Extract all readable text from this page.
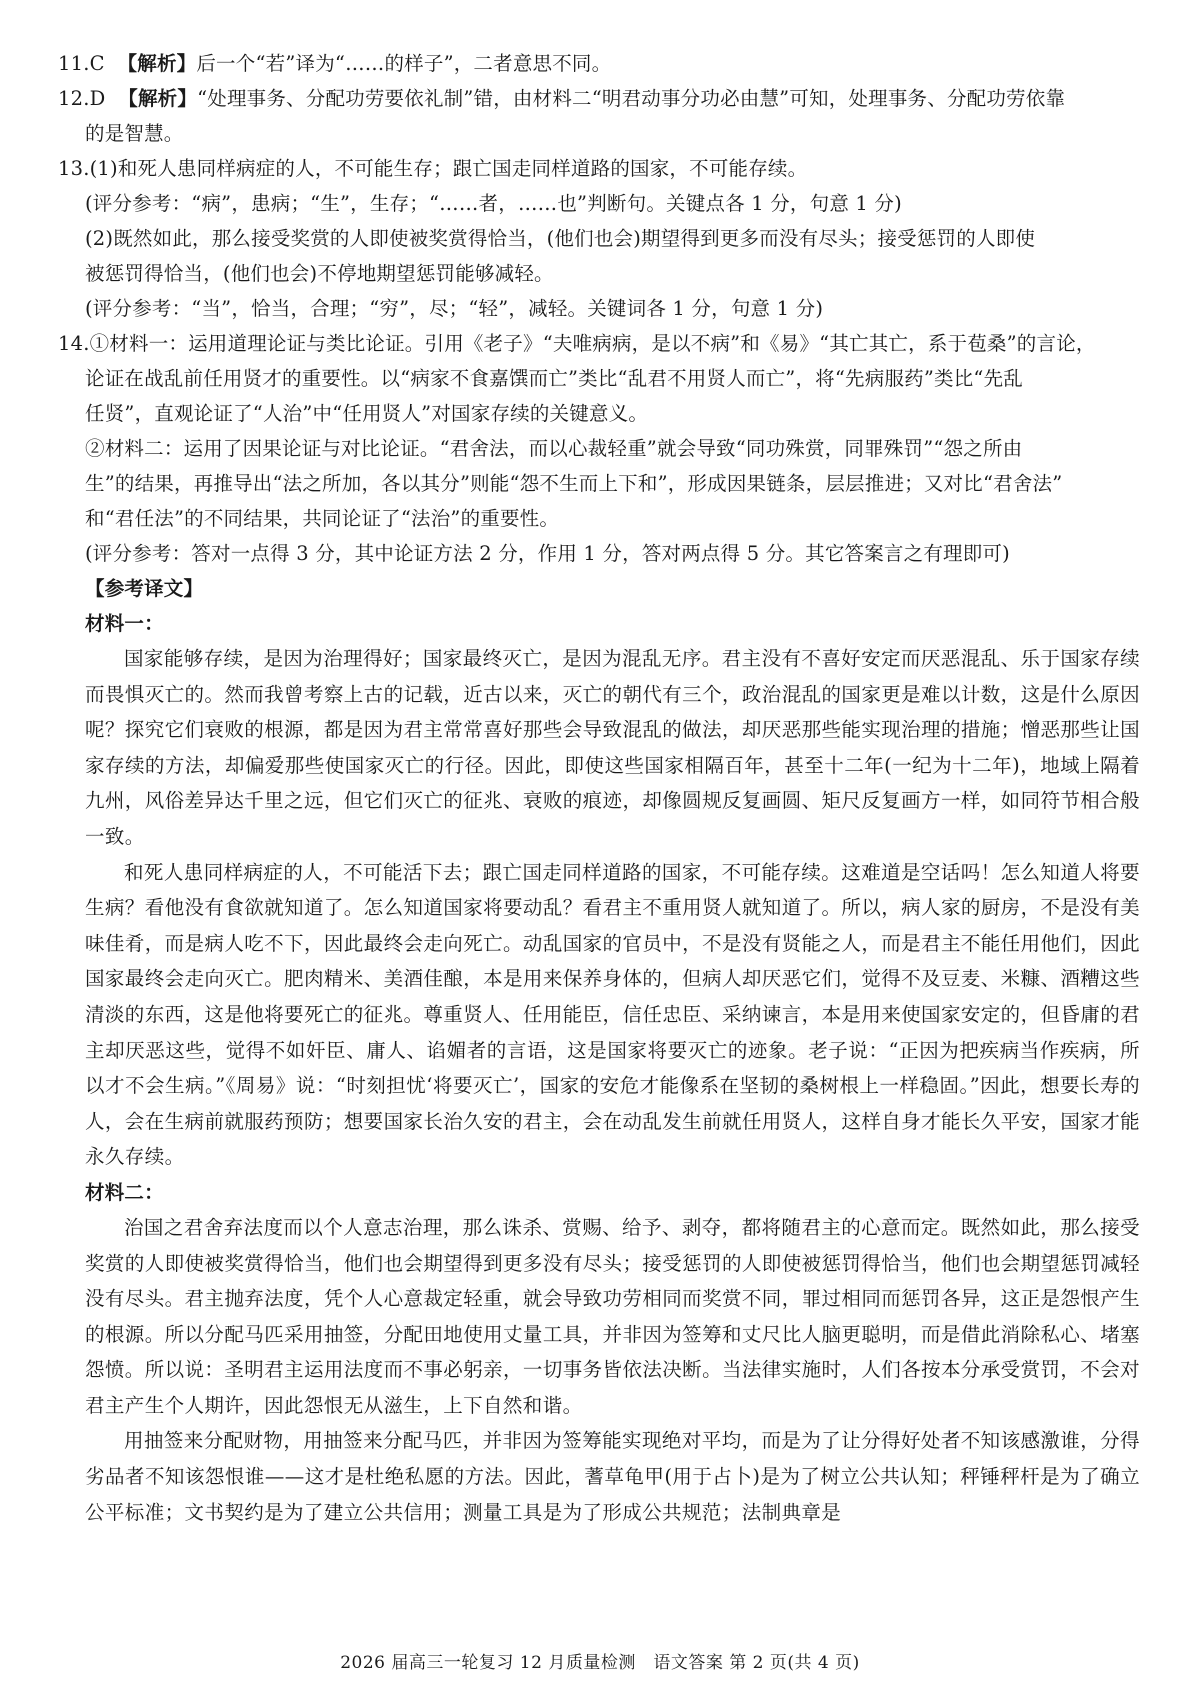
11.C 【解析】后一个“若”译为“……的样子”，二者意思不同。

12.D 【解析】“处理事务、分配功劳要依礼制”错，由材料二“明君动事分功必由慧”可知，处理事务、分配功劳依靠

的是智慧。

13.(1)和死人患同样病症的人，不可能生存；跟亡国走同样道路的国家，不可能存续。

(评分参考：“病”，患病；“生”，生存；“……者，……也”判断句。关键点各 1 分，句意 1 分)

(2)既然如此，那么接受奖赏的人即使被奖赏得恰当，(他们也会)期望得到更多而没有尽头；接受惩罚的人即使

被惩罚得恰当，(他们也会)不停地期望惩罚能够减轻。

(评分参考：“当”，恰当，合理；“穷”，尽；“轻”，减轻。关键词各 1 分，句意 1 分)

14.①材料一：运用道理论证与类比论证。引用《老子》“夫唯病病，是以不病”和《易》“其亡其亡，系于苞桑”的言论，

论证在战乱前任用贤才的重要性。以“病家不食嘉馔而亡”类比“乱君不用贤人而亡”，将“先病服药”类比“先乱

任贤”，直观论证了“人治”中“任用贤人”对国家存续的关键意义。

②材料二：运用了因果论证与对比论证。“君舍法，而以心裁轻重”就会导致“同功殊赏，同罪殊罚”“怨之所由

生”的结果，再推导出“法之所加，各以其分”则能“怨不生而上下和”，形成因果链条，层层推进；又对比“君舍法”

和“君任法”的不同结果，共同论证了“法治”的重要性。

(评分参考：答对一点得 3 分，其中论证方法 2 分，作用 1 分，答对两点得 5 分。其它答案言之有理即可)

【参考译文】

材料一：

国家能够存续，是因为治理得好；国家最终灭亡，是因为混乱无序。君主没有不喜好安定而厌恶混乱、乐于国家存续而畏惧灭亡的。然而我曾考察上古的记载，近古以来，灭亡的朝代有三个，政治混乱的国家更是难以计数，这是什么原因呢？探究它们衰败的根源，都是因为君主常常喜好那些会导致混乱的做法，却厌恶那些能实现治理的措施；憎恶那些让国家存续的方法，却偏爱那些使国家灭亡的行径。因此，即使这些国家相隔百年，甚至十二年(一纪为十二年)，地域上隔着九州，风俗差异达千里之远，但它们灭亡的征兆、衰败的痕迹，却像圆规反复画圆、矩尺反复画方一样，如同符节相合般一致。

和死人患同样病症的人，不可能活下去；跟亡国走同样道路的国家，不可能存续。这难道是空话吗！怎么知道人将要生病？看他没有食欲就知道了。怎么知道国家将要动乱？看君主不重用贤人就知道了。所以，病人家的厨房，不是没有美味佳肴，而是病人吃不下，因此最终会走向死亡。动乱国家的官员中，不是没有贤能之人，而是君主不能任用他们，因此国家最终会走向灭亡。肥肉精米、美酒佳酿，本是用来保养身体的，但病人却厌恶它们，觉得不及豆麦、米糠、酒糟这些清淡的东西，这是他将要死亡的征兆。尊重贤人、任用能臣，信任忠臣、采纳谏言，本是用来使国家安定的，但昏庸的君主却厌恶这些，觉得不如奸臣、庸人、谄媚者的言语，这是国家将要灭亡的迹象。老子说：“正因为把疾病当作疾病，所以才不会生病。”《周易》说：“时刻担忧‘将要灭亡’，国家的安危才能像系在坚韧的桑树根上一样稳固。”因此，想要长寿的人，会在生病前就服药预防；想要国家长治久安的君主，会在动乱发生前就任用贤人，这样自身才能长久平安，国家才能永久存续。

材料二：

治国之君舍弃法度而以个人意志治理，那么诛杀、赏赐、给予、剥夺，都将随君主的心意而定。既然如此，那么接受奖赏的人即使被奖赏得恰当，他们也会期望得到更多没有尽头；接受惩罚的人即使被惩罚得恰当，他们也会期望惩罚减轻没有尽头。君主抛弃法度，凭个人心意裁定轻重，就会导致功劳相同而奖赏不同，罪过相同而惩罚各异，这正是怨恨产生的根源。所以分配马匹采用抽签，分配田地使用丈量工具，并非因为签筹和丈尺比人脑更聪明，而是借此消除私心、堵塞怨愤。所以说：圣明君主运用法度而不事必躬亲，一切事务皆依法决断。当法律实施时，人们各按本分承受赏罚，不会对君主产生个人期许，因此怨恨无从滋生，上下自然和谐。

用抽签来分配财物，用抽签来分配马匹，并非因为签筹能实现绝对平均，而是为了让分得好处者不知该感激谁，分得劣品者不知该怨恨谁——这才是杜绝私愿的方法。因此，蓍草龟甲(用于占卜)是为了树立公共认知；秤锤秤杆是为了确立公平标准；文书契约是为了建立公共信用；测量工具是为了形成公共规范；法制典章是

2026 届高三一轮复习 12 月质量检测　语文答案 第 2 页(共 4 页)
